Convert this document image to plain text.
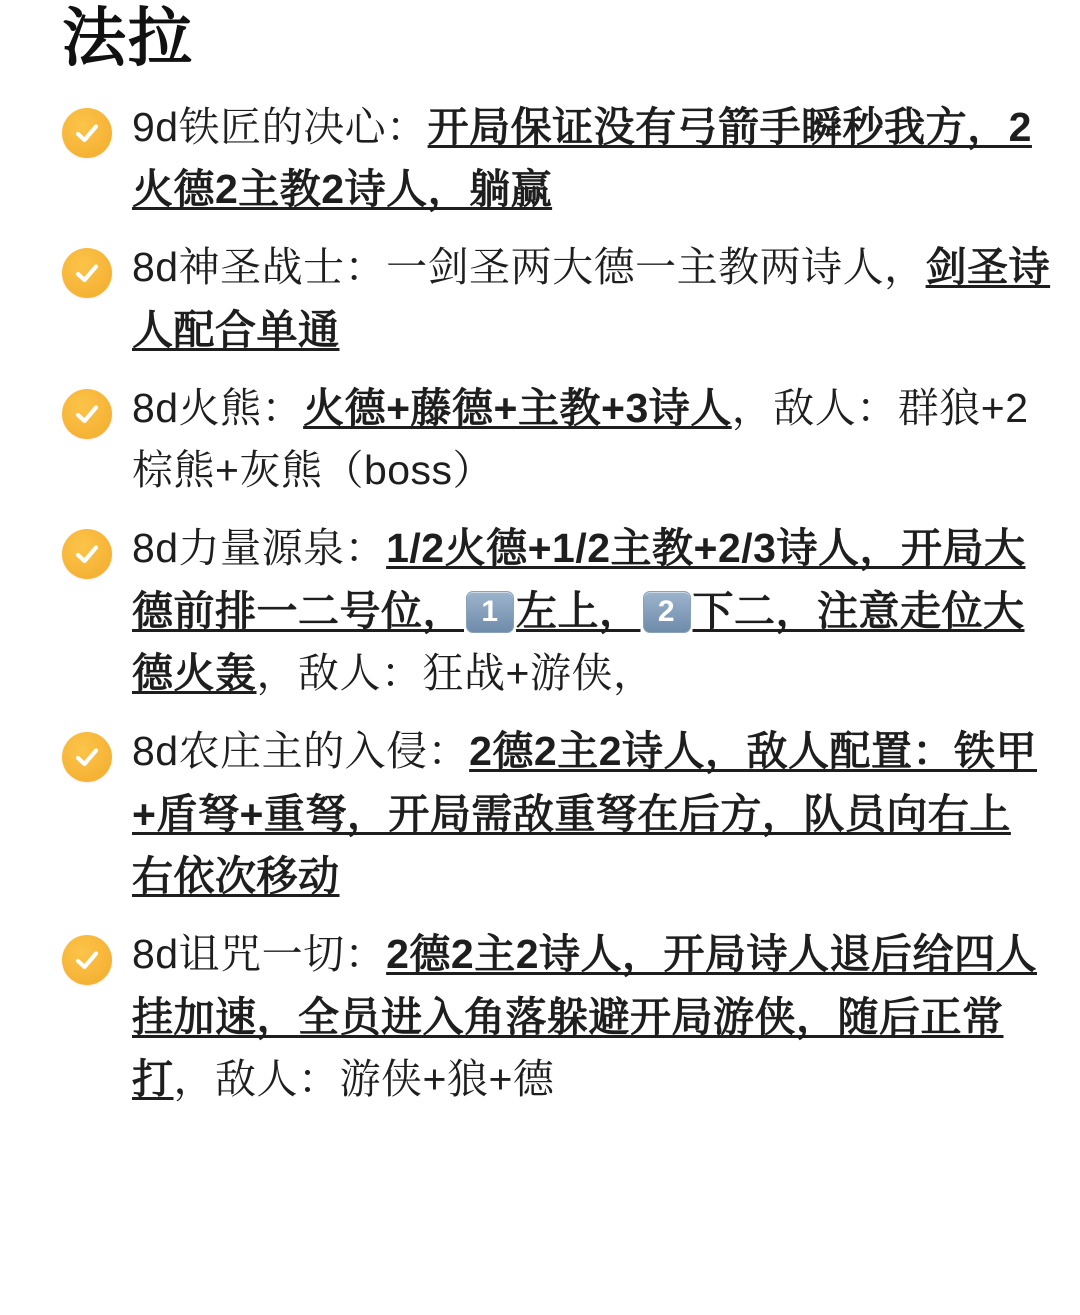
法拉
9d铁匠的决心：开局保证没有弓箭手瞬秒我方，2火德2主教2诗人，躺赢
8d神圣战士：一剑圣两大德一主教两诗人，剑圣诗人配合单通
8d火熊：火德+藤德+主教+3诗人，敌人：群狼+2棕熊+灰熊（boss）
8d力量源泉：1/2火德+1/2主教+2/3诗人，开局大德前排一二号位， 1 左上， 2 下二，注意走位大德火轰，敌人：狂战+游侠，
8d农庄主的入侵：2德2主2诗人，敌人配置：铁甲+盾弩+重弩，开局需敌重弩在后方，队员向右上 右依次移动
8d诅咒一切：2德2主2诗人，开局诗人退后给四人挂加速，全员进入角落躲避开局游侠，随后正常打，敌人：游侠+狼+德
